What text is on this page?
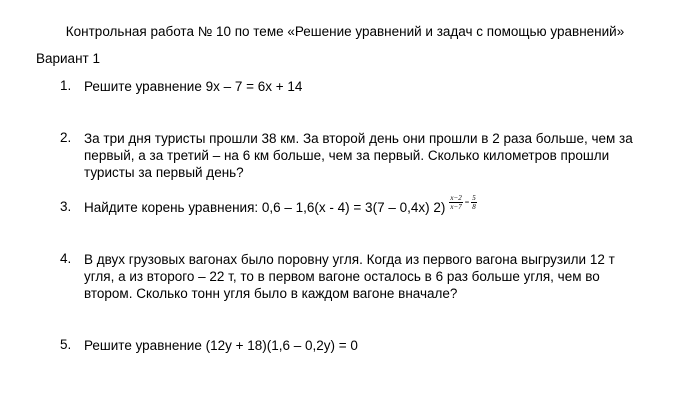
Контрольная работа № 10 по теме «Решение уравнений и задач с помощью уравнений»
Вариант 1
1. Решите уравнение 9х – 7 = 6х + 14
2. За три дня туристы прошли 38 км. За второй день они прошли в 2 раза больше, чем за
первый, а за третий – на 6 км больше, чем за первый. Сколько километров прошли
туристы за первый день?
3. Найдите корень уравнения: 0,6 – 1,6(х - 4) = 3(7 – 0,4х) $2) \frac{x-2}{x-7} = \frac{5}{8}$
4. В двух грузовых вагонах было поровну угля. Когда из первого вагона выгрузили 12 т
угля, а из второго – 22 т, то в первом вагоне осталось в 6 раз больше угля, чем во
втором. Сколько тонн угля было в каждом вагоне вначале?
5. Решите уравнение (12у + 18)(1,6 – 0,2у) = 0
